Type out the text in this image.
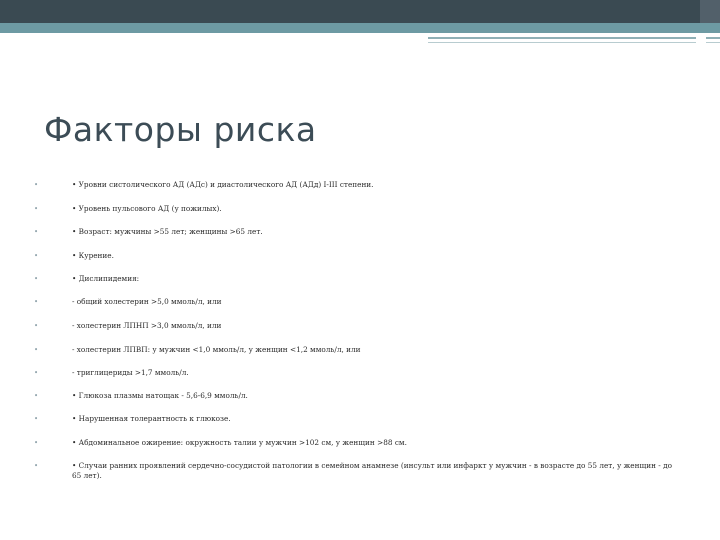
Факторы риска
•	• Уровни систолического АД (АДс) и диастолического АД (АДд) I-III степени.
•	• Уровень пульсового АД (у пожилых).
•	• Возраст: мужчины >55 лет; женщины >65 лет.
•	• Курение.
•	• Дислипидемия:
•	- общий холестерин >5,0 ммоль/л, или
•	- холестерин ЛПНП >3,0 ммоль/л, или
•	- холестерин ЛПВП: у мужчин <1,0 ммоль/л, у женщин <1,2 ммоль/л, или
•	- триглицериды >1,7 ммоль/л.
•	• Глюкоза плазмы натощак - 5,6-6,9 ммоль/л.
•	• Нарушенная толерантность к глюкозе.
•	• Абдоминальное ожирение: окружность талии у мужчин >102 см, у женщин >88 см.
•	• Случаи ранних проявлений сердечно-сосудистой патологии в семейном анамнезе (инсульт или инфаркт у мужчин - в возрасте до 55 лет, у женщин - до 65 лет).
